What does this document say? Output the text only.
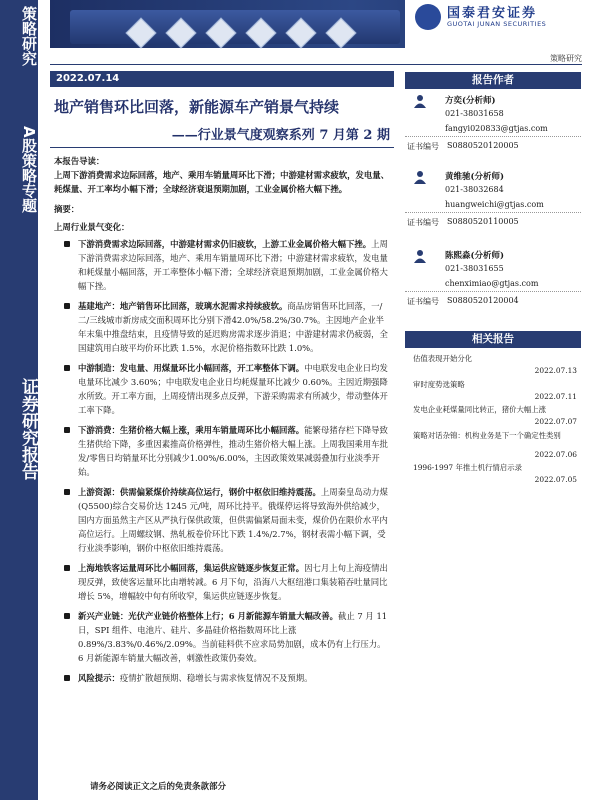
策略研究
A股策略专题
证券研究报告
国泰君安证券
GUOTAI JUNAN SECURITIES
策略研究
2022.07.14
地产销售环比回落，新能源车产销景气持续
——行业景气度观察系列 7 月第 2 期

本报告导读：

上周下游消费需求边际回落，地产、乘用车销量周环比下滑；中游建材需求疲软，发电量、耗煤量、开工率均小幅下滑；全球经济衰退预期加剧，工业金属价格大幅下挫。

摘要：

上周行业景气变化：

下游消费需求边际回落，中游建材需求仍旧疲软，上游工业金属价格大幅下挫。上周下游消费需求边际回落，地产、乘用车销量周环比下滑；中游建材需求疲软，发电量和耗煤量小幅回落，开工率整体小幅下滑；全球经济衰退预期加剧，工业金属价格大幅下挫。

基建地产：地产销售环比回落，玻璃水泥需求持续疲软。商品房销售环比回落，一/二/三线城市新房成交面积周环比分别下滑42.0%/58.2%/30.7%。主因地产企业半年末集中推盘结束，且疫情导致的延迟购房需求逐步消退；中游建材需求仍疲弱，全国建筑用白玻平均价环比跌 1.5%，水泥价格指数环比跌 1.0%。

中游制造：发电量、用煤量环比小幅回落，开工率整体下调。中电联发电企业日均发电量环比减少 3.60%；中电联发电企业日均耗煤量环比减少 0.60%。主因近期强降水所致。开工率方面，上周疫情出现多点反弹，下游采购需求有所减少，带动整体开工率下降。

下游消费：生猪价格大幅上涨，乘用车销量周环比小幅回落。能繁母猪存栏下降导致生猪供给下降，多重因素推高价格弹性，推动生猪价格大幅上涨。上周我国乘用车批发/零售日均销量环比分别减少1.00%/6.00%，主因政策效果减弱叠加行业淡季开始。

上游资源：供需偏紧煤价持续高位运行，钢价中枢依旧维持震荡。上周秦皇岛动力煤(Q5500)综合交易价达 1245 元/吨，周环比持平。俄煤停运将导致海外供给减少，国内方面虽然主产区从严执行保供政策，但供需偏紧局面未变，煤价仍在限价水平内高位运行。上周螺纹钢、热轧板卷价环比下跌 1.4%/2.7%，钢材表需小幅下调，受行业淡季影响，钢价中枢依旧维持震荡。

上海地铁客运量周环比小幅回落，集运供应链逐步恢复正常。因七月上旬上海疫情出现反弹，致使客运量环比由增转减。6 月下旬，沿海八大枢纽港口集装箱吞吐量同比增长 5%，增幅较中旬有所收窄，集运供应链逐步恢复。

新兴产业链：光伏产业链价格整体上行；6 月新能源车销量大幅改善。截止 7 月 11 日，SPI 组件、电池片、硅片、多晶硅价格指数周环比上涨 0.89%/3.83%/0.46%/2.09%。当前硅料供不应求局势加剧，成本仍有上行压力。6 月新能源车销量大幅改善，刺激性政策仍奏效。

风险提示：疫情扩散超预期、稳增长与需求恢复情况不及预期。

报告作者
方奕(分析师)
021-38031658
fangyi020833@gtjas.com
证书编号 S0880520120005
黄维驰(分析师)
021-38032684
huangweichi@gtjas.com
证书编号 S0880520110005
陈熙淼(分析师)
021-38031655
chenximiao@gtjas.com
证书编号 S0880520120004
相关报告
估值表现开始分化
2022.07.13
审时度势选策略
2022.07.11
发电企业耗煤量同比转正，猪价大幅上涨
2022.07.07
策略对话杂锦：机构业务是下一个确定性类别
2022.07.06
1996-1997 年推土机行情启示录
2022.07.05
请务必阅读正文之后的免责条款部分
